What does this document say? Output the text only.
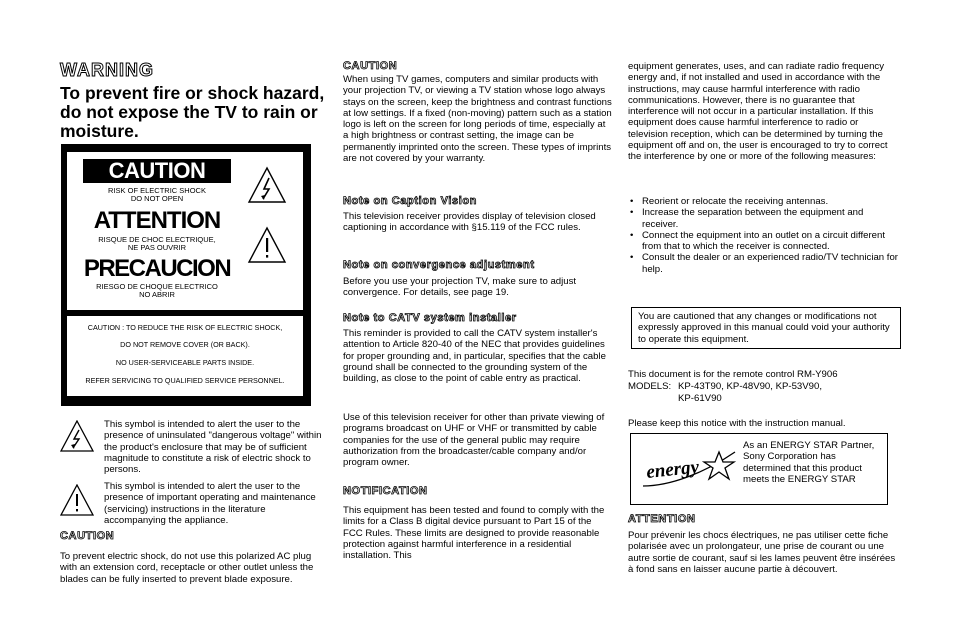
WARNING
To prevent fire or shock hazard, do not expose the TV to rain or moisture.
CAUTION
RISK OF ELECTRIC SHOCK
DO NOT OPEN
ATTENTION
RISQUE DE CHOC ELECTRIQUE,
NE PAS OUVRIR
PRECAUCION
RIESGO DE CHOQUE ELECTRICO
NO ABRIR
CAUTION : TO REDUCE THE RISK OF ELECTRIC SHOCK,
DO NOT REMOVE COVER (OR BACK).
NO USER-SERVICEABLE PARTS INSIDE.
REFER SERVICING TO QUALIFIED SERVICE PERSONNEL.

This symbol is intended to alert the user to the presence of uninsulated "dangerous voltage" within the product's enclosure that may be of sufficient magnitude to constitute a risk of electric shock to persons.

This symbol is intended to alert the user to the presence of important operating and maintenance (servicing) instructions in the literature accompanying the appliance.

CAUTION

To prevent electric shock, do not use this polarized AC plug with an extension cord, receptacle or other outlet unless the blades can be fully inserted to prevent blade exposure.

CAUTION

When using TV games, computers and similar products with your projection TV, or viewing a TV station whose logo always stays on the screen, keep the brightness and contrast functions at low settings. If a fixed (non-moving) pattern such as a station logo is left on the screen for long periods of time, especially at a high brightness or contrast setting, the image can be permanently imprinted onto the screen. These types of imprints are not covered by your warranty.

Note on Caption Vision

This television receiver provides display of television closed captioning in accordance with §15.119 of the FCC rules.

Note on convergence adjustment

Before you use your projection TV, make sure to adjust convergence. For details, see page 19.

Note to CATV system installer

This reminder is provided to call the CATV system installer's attention to Article 820-40 of the NEC that provides guidelines for proper grounding and, in particular, specifies that the cable ground shall be connected to the grounding system of the building, as close to the point of cable entry as practical.

Use of this television receiver for other than private viewing of programs broadcast on UHF or VHF or transmitted by cable companies for the use of the general public may require authorization from the broadcaster/cable company and/or program owner.

NOTIFICATION

This equipment has been tested and found to comply with the limits for a Class B digital device pursuant to Part 15 of the FCC Rules. These limits are designed to provide reasonable protection against harmful interference in a residential installation. This

equipment generates, uses, and can radiate radio frequency energy and, if not installed and used in accordance with the instructions, may cause harmful interference with radio communications. However, there is no guarantee that interference will not occur in a particular installation. If this equipment does cause harmful interference to radio or television reception, which can be determined by turning the equipment off and on, the user is encouraged to try to correct the interference by one or more of the following measures:

• Reorient or relocate the receiving antennas.
• Increase the separation between the equipment and receiver.
• Connect the equipment into an outlet on a circuit different from that to which the receiver is connected.
• Consult the dealer or an experienced radio/TV technician for help.
You are cautioned that any changes or modifications not expressly approved in this manual could void your authority to operate this equipment.

This document is for the remote control RM-Y906

MODELS: KP-43T90, KP-48V90, KP-53V90,

KP-61V90

Please keep this notice with the instruction manual.

energy

As an ENERGY STAR Partner, Sony Corporation has determined that this product meets the ENERGY STAR

ATTENTION

Pour prévenir les chocs électriques, ne pas utiliser cette fiche polarisée avec un prolongateur, une prise de courant ou une autre sortie de courant, sauf si les lames peuvent être insérées à fond sans en laisser aucune partie à découvert.
